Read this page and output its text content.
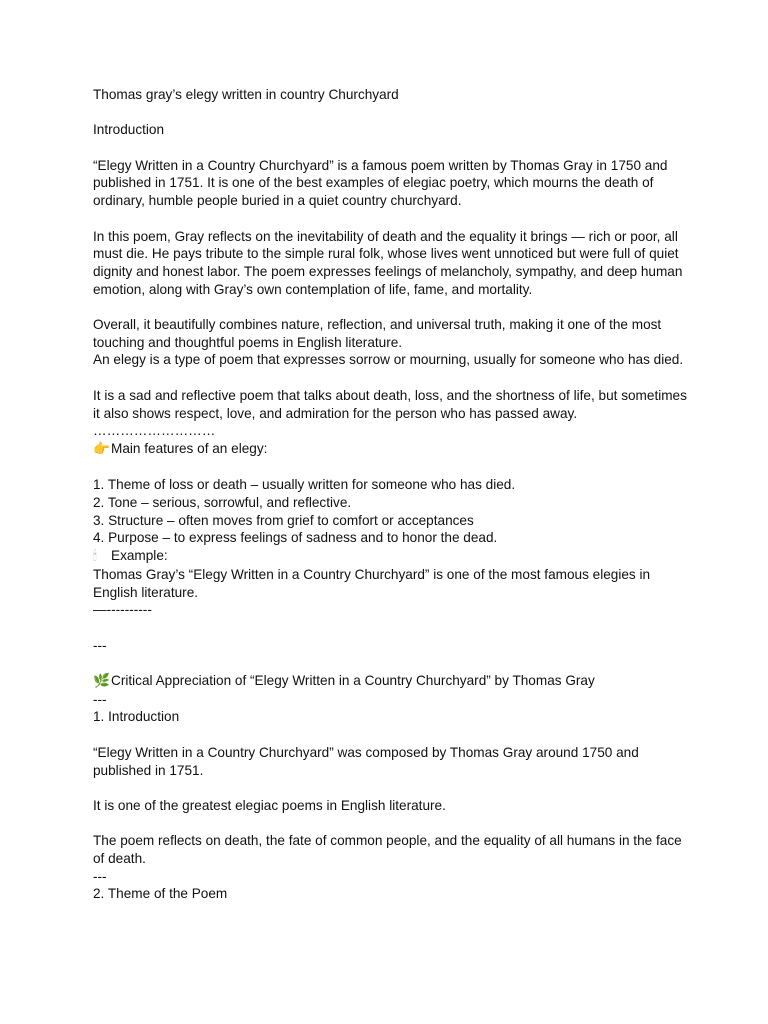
Thomas gray’s elegy written in country Churchyard
Introduction
“Elegy Written in a Country Churchyard” is a famous poem written by Thomas Gray in 1750 and published in 1751. It is one of the best examples of elegiac poetry, which mourns the death of ordinary, humble people buried in a quiet country churchyard.
In this poem, Gray reflects on the inevitability of death and the equality it brings — rich or poor, all must die. He pays tribute to the simple rural folk, whose lives went unnoticed but were full of quiet dignity and honest labor. The poem expresses feelings of melancholy, sympathy, and deep human emotion, along with Gray’s own contemplation of life, fame, and mortality.
Overall, it beautifully combines nature, reflection, and universal truth, making it one of the most touching and thoughtful poems in English literature.
An elegy is a type of poem that expresses sorrow or mourning, usually for someone who has died.
It is a sad and reflective poem that talks about death, loss, and the shortness of life, but sometimes it also shows respect, love, and admiration for the person who has passed away.
………………………
👉Main features of an elegy:
1. Theme of loss or death – usually written for someone who has died.
2. Tone – serious, sorrowful, and reflective.
3. Structure – often moves from grief to comfort or acceptances
4. Purpose – to express feelings of sadness and to honor the dead.
🕯 Example:
Thomas Gray’s “Elegy Written in a Country Churchyard” is one of the most famous elegies in English literature.
—----------
---
🌿Critical Appreciation of “Elegy Written in a Country Churchyard” by Thomas Gray
---
1. Introduction
“Elegy Written in a Country Churchyard” was composed by Thomas Gray around 1750 and published in 1751.
It is one of the greatest elegiac poems in English literature.
The poem reflects on death, the fate of common people, and the equality of all humans in the face of death.
---
2. Theme of the Poem
